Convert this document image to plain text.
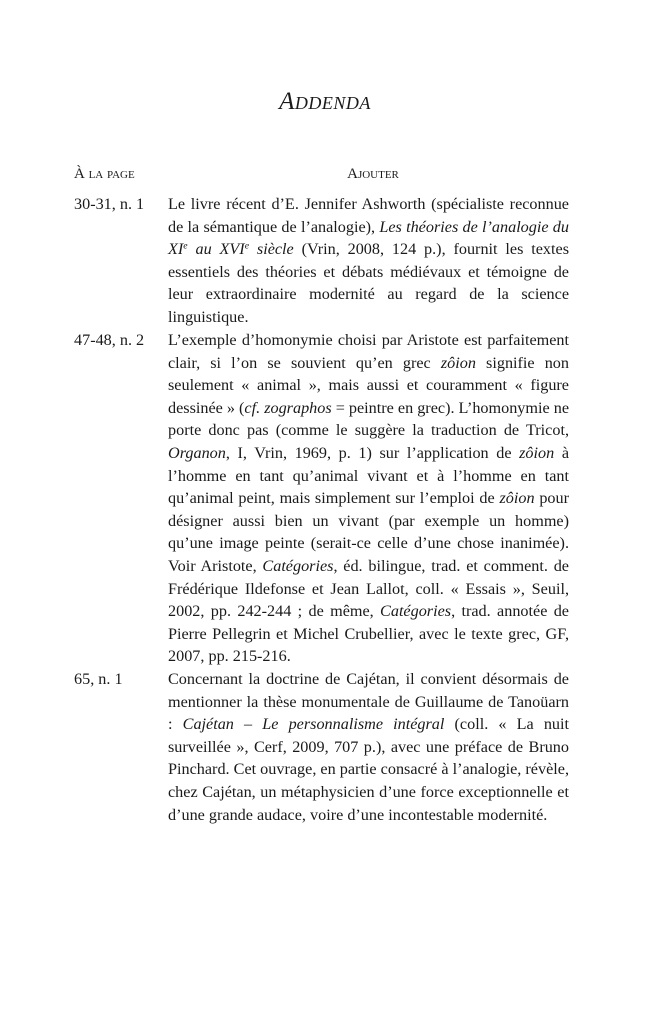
Addenda
À la page	Ajouter
30-31, n. 1	Le livre récent d’E. Jennifer Ashworth (spécialiste reconnue de la sémantique de l’analogie), Les théories de l’analogie du XIe au XVIe siècle (Vrin, 2008, 124 p.), fournit les textes essentiels des théories et débats médiévaux et témoigne de leur extraordinaire modernité au regard de la science linguistique.
47-48, n. 2	L’exemple d’homonymie choisi par Aristote est parfaitement clair, si l’on se souvient qu’en grec zôion signifie non seulement « animal », mais aussi et couramment « figure dessinée » (cf. zographos = peintre en grec). L’homonymie ne porte donc pas (comme le suggère la traduction de Tricot, Organon, I, Vrin, 1969, p. 1) sur l’application de zôion à l’homme en tant qu’animal vivant et à l’homme en tant qu’animal peint, mais simplement sur l’emploi de zôion pour désigner aussi bien un vivant (par exemple un homme) qu’une image peinte (serait-ce celle d’une chose inanimée). Voir Aristote, Catégories, éd. bilingue, trad. et comment. de Frédérique Ildefonse et Jean Lallot, coll. « Essais », Seuil, 2002, pp. 242-244 ; de même, Catégories, trad. annotée de Pierre Pellegrin et Michel Crubellier, avec le texte grec, GF, 2007, pp. 215-216.
65, n. 1	Concernant la doctrine de Cajétan, il convient désormais de mentionner la thèse monumentale de Guillaume de Tanoüarn : Cajétan – Le personnalisme intégral (coll. « La nuit surveillée », Cerf, 2009, 707 p.), avec une préface de Bruno Pinchard. Cet ouvrage, en partie consacré à l’analogie, révèle, chez Cajétan, un métaphysicien d’une force exceptionnelle et d’une grande audace, voire d’une incontestable modernité.
